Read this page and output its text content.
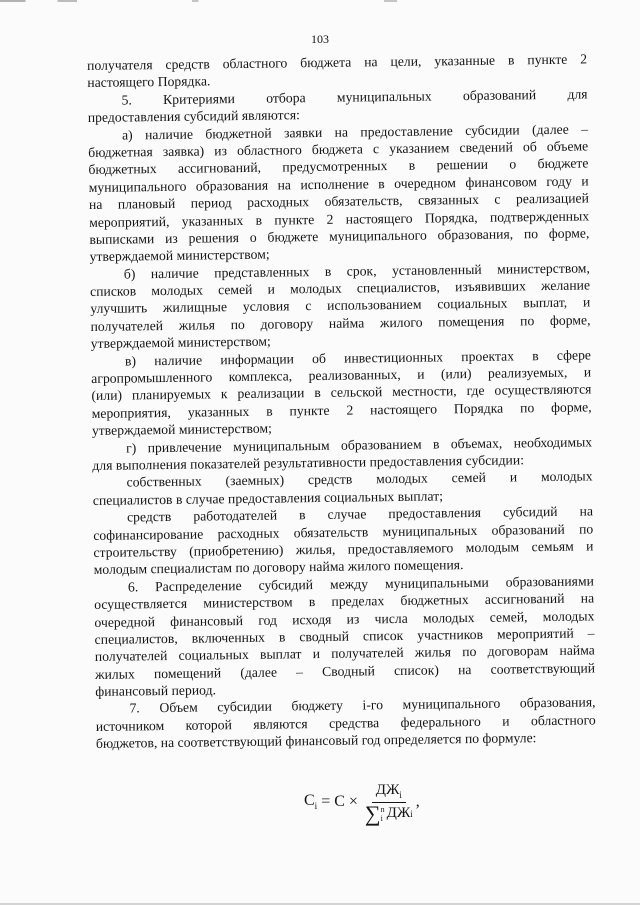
103
получателя средств областного бюджета на цели, указанные в пункте 2
настоящего Порядка.
5. Критериями отбора муниципальных образований для
предоставления субсидий являются:
а) наличие бюджетной заявки на предоставление субсидии (далее –
бюджетная заявка) из областного бюджета с указанием сведений об объеме
бюджетных ассигнований, предусмотренных в решении о бюджете
муниципального образования на исполнение в очередном финансовом году и
на плановый период расходных обязательств, связанных с реализацией
мероприятий, указанных в пункте 2 настоящего Порядка, подтвержденных
выписками из решения о бюджете муниципального образования, по форме,
утверждаемой министерством;
б) наличие представленных в срок, установленный министерством,
списков молодых семей и молодых специалистов, изъявивших желание
улучшить жилищные условия с использованием социальных выплат, и
получателей жилья по договору найма жилого помещения по форме,
утверждаемой министерством;
в) наличие информации об инвестиционных проектах в сфере
агропромышленного комплекса, реализованных, и (или) реализуемых, и
(или) планируемых к реализации в сельской местности, где осуществляются
мероприятия, указанных в пункте 2 настоящего Порядка по форме,
утверждаемой министерством;
г) привлечение муниципальным образованием в объемах, необходимых
для выполнения показателей результативности предоставления субсидии:
собственных (заемных) средств молодых семей и молодых
специалистов в случае предоставления социальных выплат;
средств работодателей в случае предоставления субсидий на
софинансирование расходных обязательств муниципальных образований по
строительству (приобретению) жилья, предоставляемого молодым семьям и
молодым специалистам по договору найма жилого помещения.
6. Распределение субсидий между муниципальными образованиями
осуществляется министерством в пределах бюджетных ассигнований на
очередной финансовый год исходя из числа молодых семей, молодых
специалистов, включенных в сводный список участников мероприятий –
получателей социальных выплат и получателей жилья по договорам найма
жилых помещений (далее – Сводный список) на соответствующий
финансовый период.
7. Объем субсидии бюджету i-го муниципального образования,
источником которой являются средства федерального и областного
бюджетов, на соответствующий финансовый год определяется по формуле:
$C_i = C \times ДЖ_i$
∑ n
i ДЖ i ,
